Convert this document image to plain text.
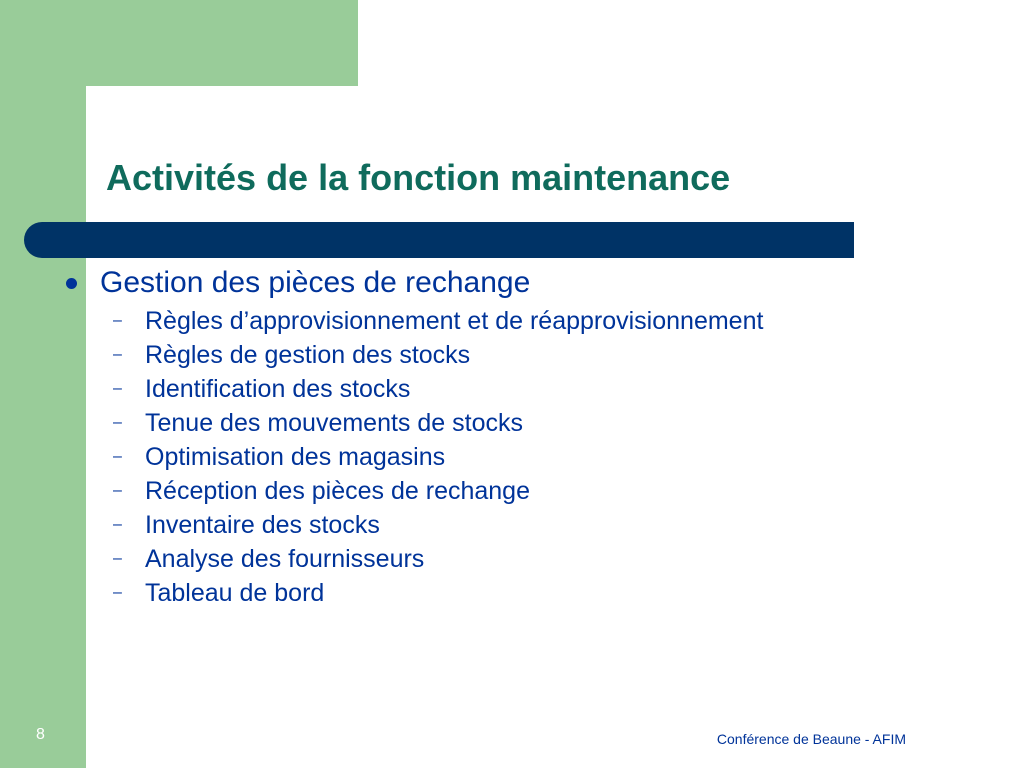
Activités de la fonction maintenance
Gestion des pièces de rechange
– Règles d’approvisionnement et de réapprovisionnement
– Règles de gestion des stocks
– Identification des stocks
– Tenue des mouvements de stocks
– Optimisation des magasins
– Réception des pièces de rechange
– Inventaire des stocks
– Analyse des fournisseurs
– Tableau de bord
8	Conférence de Beaune - AFIM
